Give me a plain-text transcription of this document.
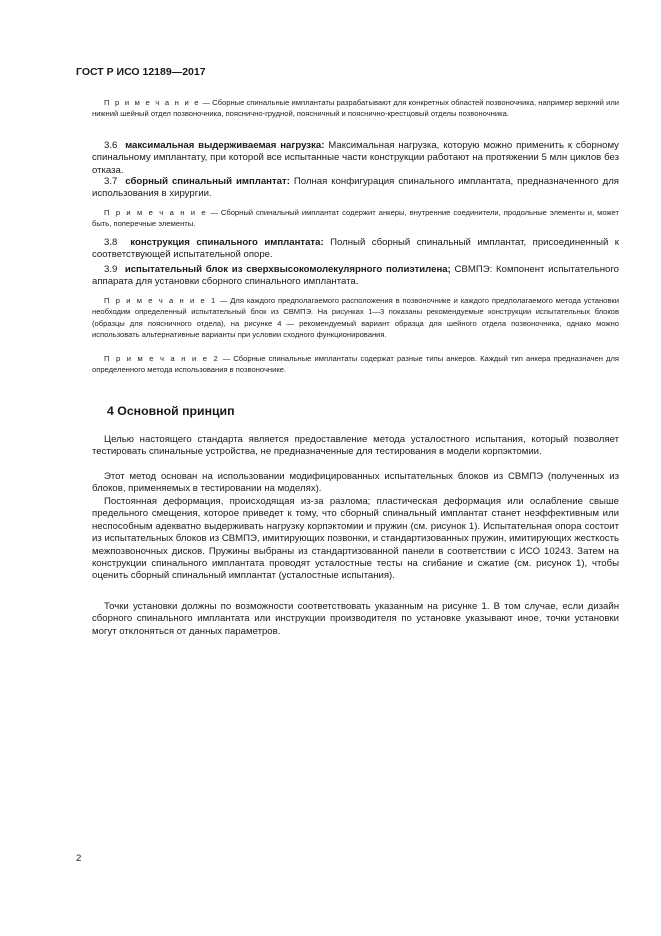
ГОСТ Р ИСО 12189—2017

П р и м е ч а н и е — Сборные спинальные имплантаты разрабатывают для конкретных областей позвоночника, например верхний или нижний шейный отдел позвоночника, пояснично-грудной, поясничный и пояснично-крестцовый отделы позвоночника.

3.6 максимальная выдерживаемая нагрузка: Максимальная нагрузка, которую можно применить к сборному спинальному имплантату, при которой все испытанные части конструкции работают на протяжении 5 млн циклов без отказа.

3.7 сборный спинальный имплантат: Полная конфигурация спинального имплантата, предназначенного для использования в хирургии.

П р и м е ч а н и е — Сборный спинальный имплантат содержит анкеры, внутренние соединители, продольные элементы и, может быть, поперечные элементы.

3.8 конструкция спинального имплантата: Полный сборный спинальный имплантат, присоединенный к соответствующей испытательной опоре.

3.9 испытательный блок из сверхвысокомолекулярного полиэтилена; СВМПЭ: Компонент испытательного аппарата для установки сборного спинального имплантата.

П р и м е ч а н и е 1 — Для каждого предполагаемого расположения в позвоночнике и каждого предполагаемого метода установки необходим определенный испытательный блок из СВМПЭ. На рисунках 1—3 показаны рекомендуемые конструкции испытательных блоков (образцы для поясничного отдела), на рисунке 4 — рекомендуемый вариант образца для шейного отдела позвоночника, однако можно использовать альтернативные варианты при условии сходного функционирования.

П р и м е ч а н и е 2 — Сборные спинальные имплантаты содержат разные типы анкеров. Каждый тип анкера предназначен для определенного метода использования в позвоночнике.

4 Основной принцип

Целью настоящего стандарта является предоставление метода усталостного испытания, который позволяет тестировать спинальные устройства, не предназначенные для тестирования в модели корпэктомии.

Этот метод основан на использовании модифицированных испытательных блоков из СВМПЭ (полученных из блоков, применяемых в тестировании на моделях).

Постоянная деформация, происходящая из-за разлома; пластическая деформация или ослабление свыше предельного смещения, которое приведет к тому, что сборный спинальный имплантат станет неэффективным или неспособным адекватно выдерживать нагрузку корпэктомии и пружин (см. рисунок 1). Испытательная опора состоит из испытательных блоков из СВМПЭ, имитирующих позвонки, и стандартизованных пружин, имитирующих жесткость межпозвоночных дисков. Пружины выбраны из стандартизованной панели в соответствии с ИСО 10243. Затем на конструкции спинального имплантата проводят усталостные тесты на сгибание и сжатие (см. рисунок 1), чтобы оценить сборный спинальный имплантат (усталостные испытания).

Точки установки должны по возможности соответствовать указанным на рисунке 1. В том случае, если дизайн сборного спинального имплантата или инструкции производителя по установке указывают иное, точки установки могут отклоняться от данных параметров.

2
